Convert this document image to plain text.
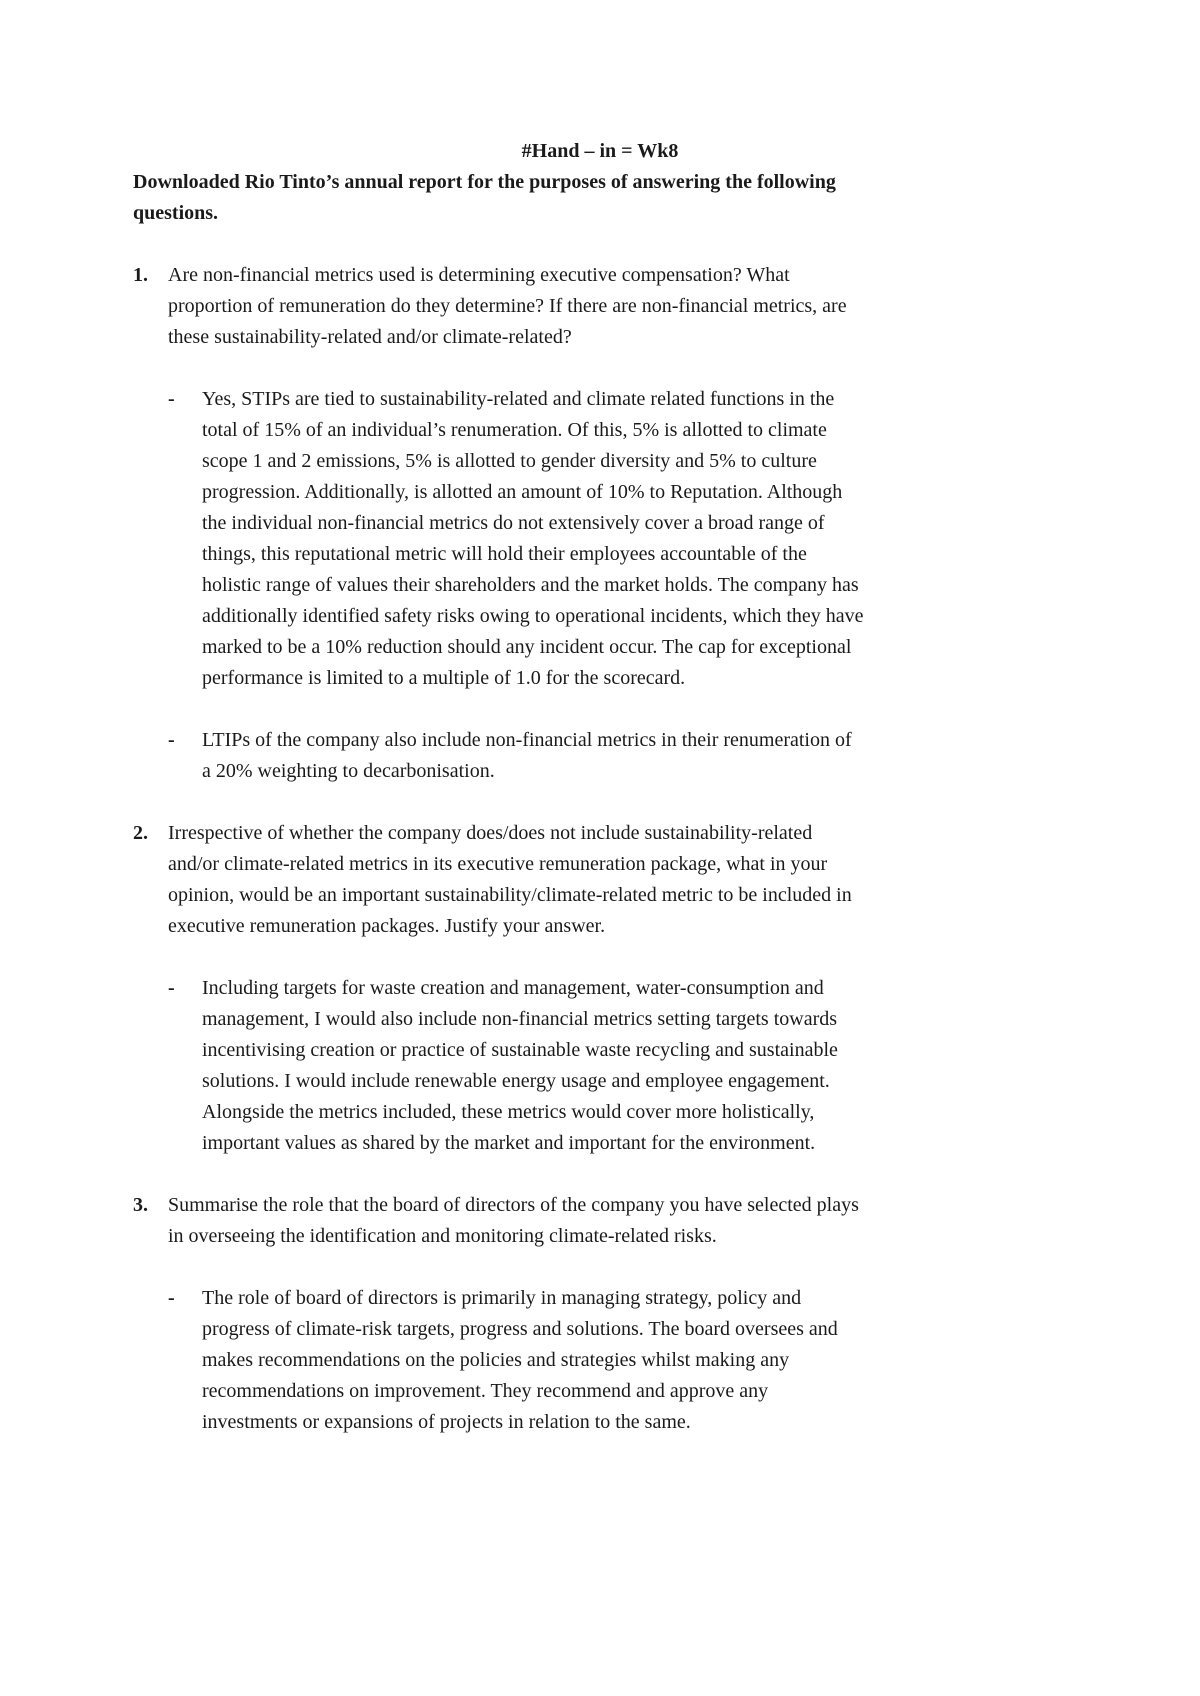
#Hand – in = Wk8
Downloaded Rio Tinto’s annual report for the purposes of answering the following
questions.
1. Are non-financial metrics used is determining executive compensation? What
proportion of remuneration do they determine? If there are non-financial metrics, are
these sustainability-related and/or climate-related?
- Yes, STIPs are tied to sustainability-related and climate related functions in the
total of 15% of an individual’s renumeration. Of this, 5% is allotted to climate
scope 1 and 2 emissions, 5% is allotted to gender diversity and 5% to culture
progression. Additionally, is allotted an amount of 10% to Reputation. Although
the individual non-financial metrics do not extensively cover a broad range of
things, this reputational metric will hold their employees accountable of the
holistic range of values their shareholders and the market holds. The company has
additionally identified safety risks owing to operational incidents, which they have
marked to be a 10% reduction should any incident occur. The cap for exceptional
performance is limited to a multiple of 1.0 for the scorecard.
- LTIPs of the company also include non-financial metrics in their renumeration of
a 20% weighting to decarbonisation.
2. Irrespective of whether the company does/does not include sustainability-related
and/or climate-related metrics in its executive remuneration package, what in your
opinion, would be an important sustainability/climate-related metric to be included in
executive remuneration packages. Justify your answer.
- Including targets for waste creation and management, water-consumption and
management, I would also include non-financial metrics setting targets towards
incentivising creation or practice of sustainable waste recycling and sustainable
solutions. I would include renewable energy usage and employee engagement.
Alongside the metrics included, these metrics would cover more holistically,
important values as shared by the market and important for the environment.
3. Summarise the role that the board of directors of the company you have selected plays
in overseeing the identification and monitoring climate-related risks.
- The role of board of directors is primarily in managing strategy, policy and
progress of climate-risk targets, progress and solutions. The board oversees and
makes recommendations on the policies and strategies whilst making any
recommendations on improvement. They recommend and approve any
investments or expansions of projects in relation to the same.
